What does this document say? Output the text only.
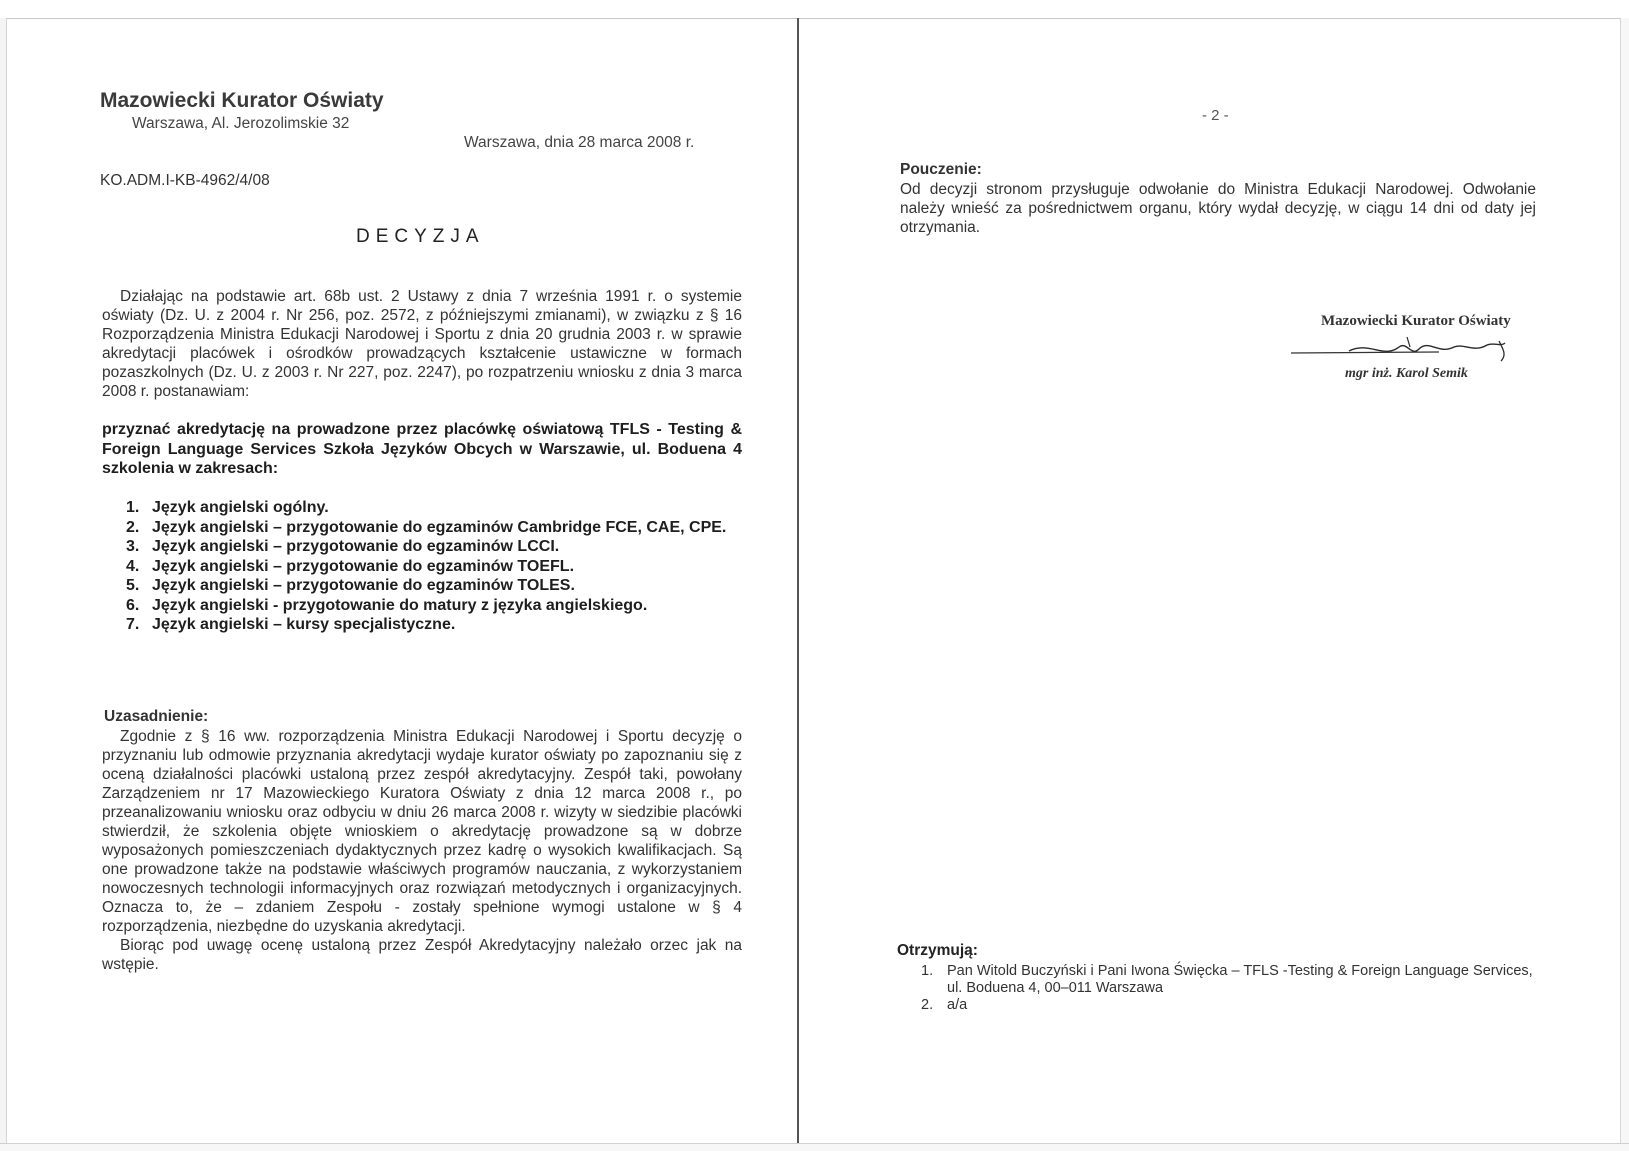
Mazowiecki Kurator Oświaty
Warszawa, Al. Jerozolimskie 32
Warszawa, dnia 28 marca 2008 r.
KO.ADM.I-KB-4962/4/08
DECYZJA
Działając na podstawie art. 68b ust. 2 Ustawy z dnia 7 września 1991 r. o systemie oświaty (Dz. U. z 2004 r. Nr 256, poz. 2572, z późniejszymi zmianami), w związku z § 16 Rozporządzenia Ministra Edukacji Narodowej i Sportu z dnia 20 grudnia 2003 r. w sprawie akredytacji placówek i ośrodków prowadzących kształcenie ustawiczne w formach pozaszkolnych (Dz. U. z 2003 r. Nr 227, poz. 2247), po rozpatrzeniu wniosku z dnia 3 marca 2008 r. postanawiam:
przyznać akredytację na prowadzone przez placówkę oświatową TFLS - Testing & Foreign Language Services Szkoła Języków Obcych w Warszawie, ul. Boduena 4 szkolenia w zakresach:
1. Język angielski ogólny.
2. Język angielski – przygotowanie do egzaminów Cambridge FCE, CAE, CPE.
3. Język angielski – przygotowanie do egzaminów LCCI.
4. Język angielski – przygotowanie do egzaminów TOEFL.
5. Język angielski – przygotowanie do egzaminów TOLES.
6. Język angielski - przygotowanie do matury z języka angielskiego.
7. Język angielski – kursy specjalistyczne.
Uzasadnienie:
Zgodnie z § 16 ww. rozporządzenia Ministra Edukacji Narodowej i Sportu decyzję o przyznaniu lub odmowie przyznania akredytacji wydaje kurator oświaty po zapoznaniu się z oceną działalności placówki ustaloną przez zespół akredytacyjny. Zespół taki, powołany Zarządzeniem nr 17 Mazowieckiego Kuratora Oświaty z dnia 12 marca 2008 r., po przeanalizowaniu wniosku oraz odbyciu w dniu 26 marca 2008 r. wizyty w siedzibie placówki stwierdził, że szkolenia objęte wnioskiem o akredytację prowadzone są w dobrze wyposażonych pomieszczeniach dydaktycznych przez kadrę o wysokich kwalifikacjach. Są one prowadzone także na podstawie właściwych programów nauczania, z wykorzystaniem nowoczesnych technologii informacyjnych oraz rozwiązań metodycznych i organizacyjnych. Oznacza to, że – zdaniem Zespołu - zostały spełnione wymogi ustalone w § 4 rozporządzenia, niezbędne do uzyskania akredytacji.
Biorąc pod uwagę ocenę ustaloną przez Zespół Akredytacyjny należało orzec jak na wstępie.
- 2 -
Pouczenie:
Od decyzji stronom przysługuje odwołanie do Ministra Edukacji Narodowej. Odwołanie należy wnieść za pośrednictwem organu, który wydał decyzję, w ciągu 14 dni od daty jej otrzymania.
Mazowiecki Kurator Oświaty
mgr inż. Karol Semik
Otrzymują:
1. Pan Witold Buczyński i Pani Iwona Święcka – TFLS -Testing & Foreign Language Services, ul. Boduena 4, 00–011 Warszawa
2. a/a
